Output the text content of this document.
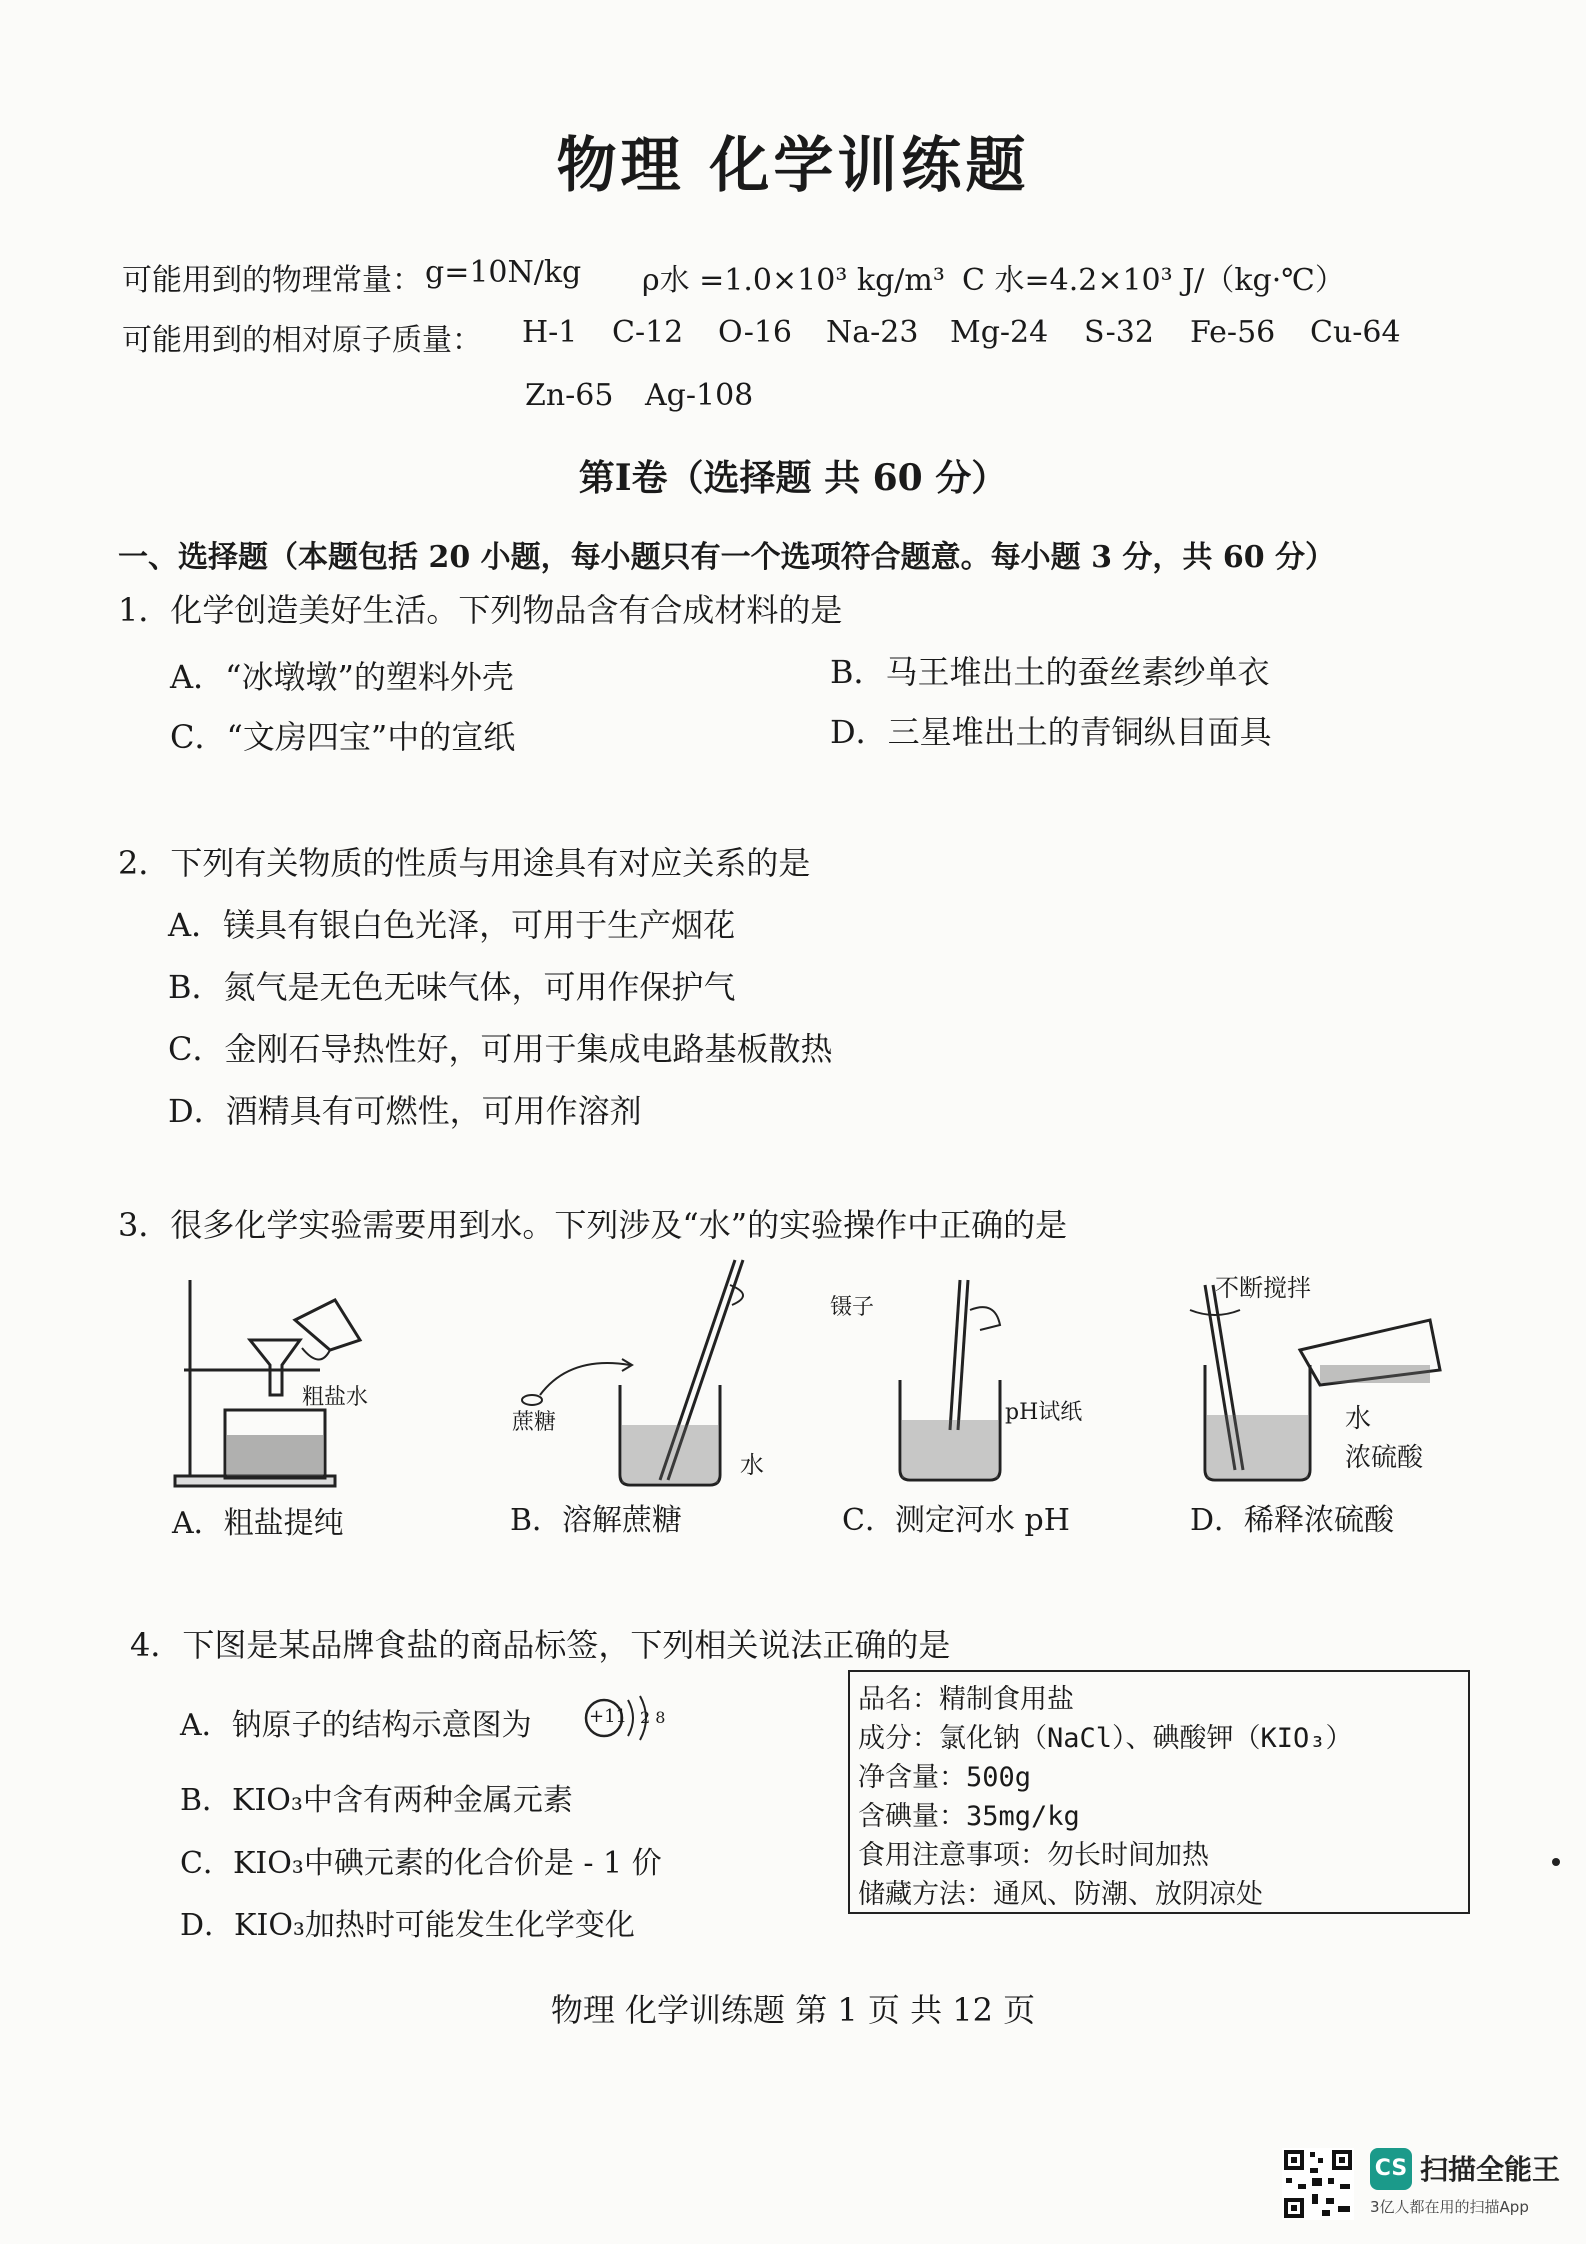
物理 化学训练题
可能用到的物理常量： g=10N/kg ρ水 =1.0×10³ kg/m³ C 水=4.2×10³ J/（kg·℃）
可能用到的相对原子质量： H-1 C-12 O-16 Na-23 Mg-24 S-32 Fe-56 Cu-64
Zn-65 Ag-108
第Ⅰ卷（选择题 共 60 分）
一、选择题（本题包括 20 小题，每小题只有一个选项符合题意。每小题 3 分，共 60 分）
1．化学创造美好生活。下列物品含有合成材料的是
A．“冰墩墩”的塑料外壳	B．马王堆出土的蚕丝素纱单衣
C．“文房四宝”中的宣纸	D．三星堆出土的青铜纵目面具
2．下列有关物质的性质与用途具有对应关系的是
A．镁具有银白色光泽，可用于生产烟花
B．氮气是无色无味气体，可用作保护气
C．金刚石导热性好，可用于集成电路基板散热
D．酒精具有可燃性，可用作溶剂
3．很多化学实验需要用到水。下列涉及“水”的实验操作中正确的是
粗盐水
蔗糖
水
镊子
pH试纸
不断搅拌
水
浓硫酸
A．粗盐提纯	B．溶解蔗糖	C．测定河水 pH	D．稀释浓硫酸
4．下图是某品牌食盐的商品标签，下列相关说法正确的是
A．钠原子的结构示意图为	+11 2 8
B．KIO₃中含有两种金属元素
C．KIO₃中碘元素的化合价是 - 1 价
D．KIO₃加热时可能发生化学变化
品名：精制食用盐
成分：氯化钠（NaCl）、碘酸钾（KIO₃）
净含量：500g
含碘量：35mg/kg
食用注意事项：勿长时间加热
储藏方法：通风、防潮、放阴凉处
物理 化学训练题 第 1 页 共 12 页
CS 扫描全能王
3亿人都在用的扫描App
